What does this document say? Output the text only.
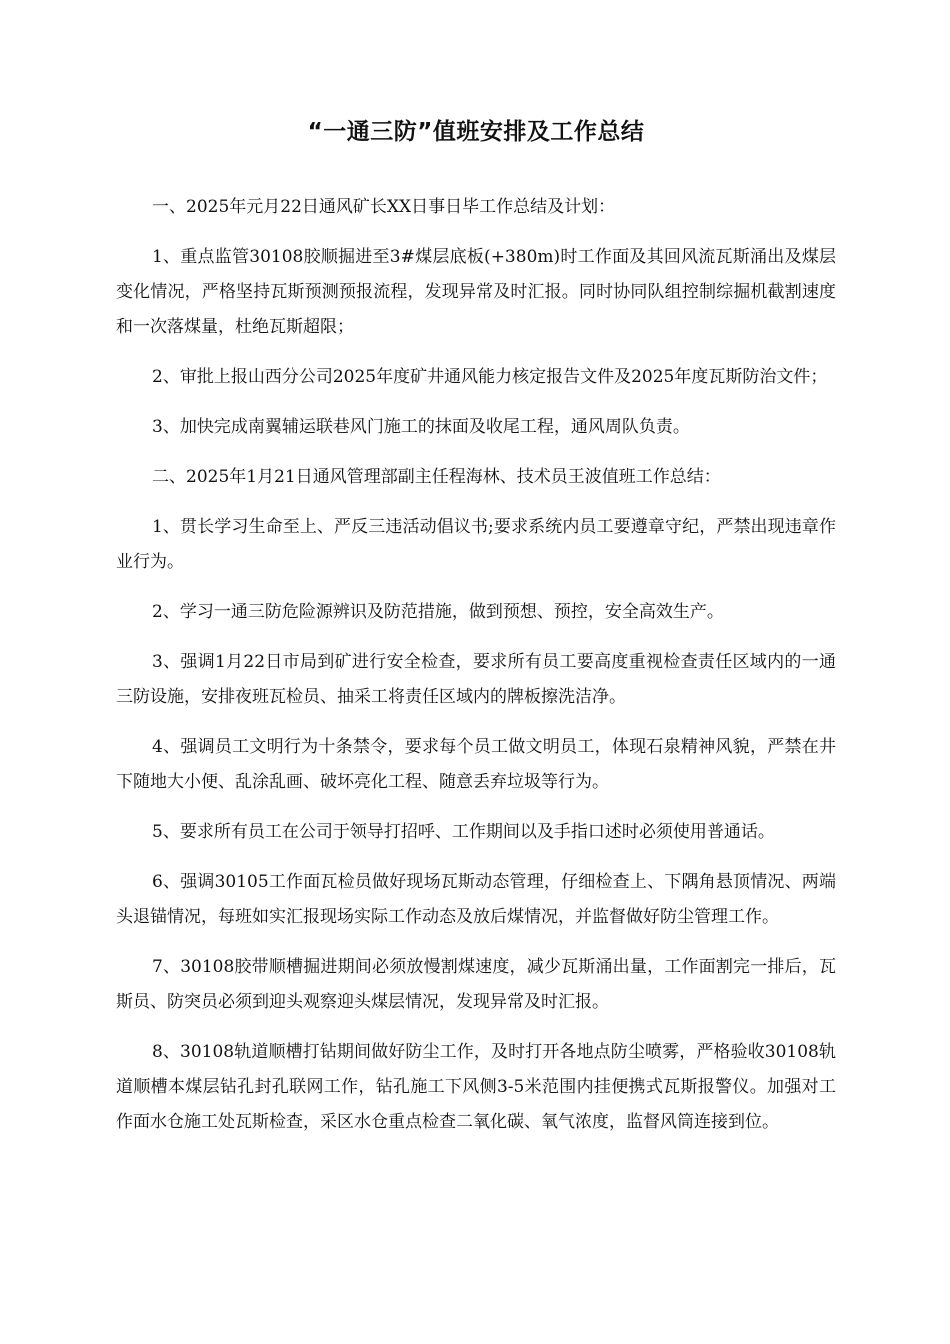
“一通三防”值班安排及工作总结

一、2025年元月22日通风矿长XX日事日毕工作总结及计划：

1、重点监管30108胶顺掘进至3#煤层底板(+380m)时工作面及其回风流瓦斯涌出及煤层变化情况，严格坚持瓦斯预测预报流程，发现异常及时汇报。同时协同队组控制综掘机截割速度和一次落煤量，杜绝瓦斯超限；

2、审批上报山西分公司2025年度矿井通风能力核定报告文件及2025年度瓦斯防治文件；

3、加快完成南翼辅运联巷风门施工的抹面及收尾工程，通风周队负责。

二、2025年1月21日通风管理部副主任程海林、技术员王波值班工作总结：

1、贯长学习生命至上、严反三违活动倡议书;要求系统内员工要遵章守纪，严禁出现违章作业行为。

2、学习一通三防危险源辨识及防范措施，做到预想、预控，安全高效生产。

3、强调1月22日市局到矿进行安全检查，要求所有员工要高度重视检查责任区域内的一通三防设施，安排夜班瓦检员、抽采工将责任区域内的牌板擦洗洁净。

4、强调员工文明行为十条禁令，要求每个员工做文明员工，体现石泉精神风貌，严禁在井下随地大小便、乱涂乱画、破坏亮化工程、随意丢弃垃圾等行为。

5、要求所有员工在公司于领导打招呼、工作期间以及手指口述时必须使用普通话。

6、强调30105工作面瓦检员做好现场瓦斯动态管理，仔细检查上、下隅角悬顶情况、两端头退锚情况，每班如实汇报现场实际工作动态及放后煤情况，并监督做好防尘管理工作。

7、30108胶带顺槽掘进期间必须放慢割煤速度，减少瓦斯涌出量，工作面割完一排后，瓦斯员、防突员必须到迎头观察迎头煤层情况，发现异常及时汇报。

8、30108轨道顺槽打钻期间做好防尘工作，及时打开各地点防尘喷雾，严格验收30108轨道顺槽本煤层钻孔封孔联网工作，钻孔施工下风侧3-5米范围内挂便携式瓦斯报警仪。加强对工作面水仓施工处瓦斯检查，采区水仓重点检查二氧化碳、氧气浓度，监督风筒连接到位。
